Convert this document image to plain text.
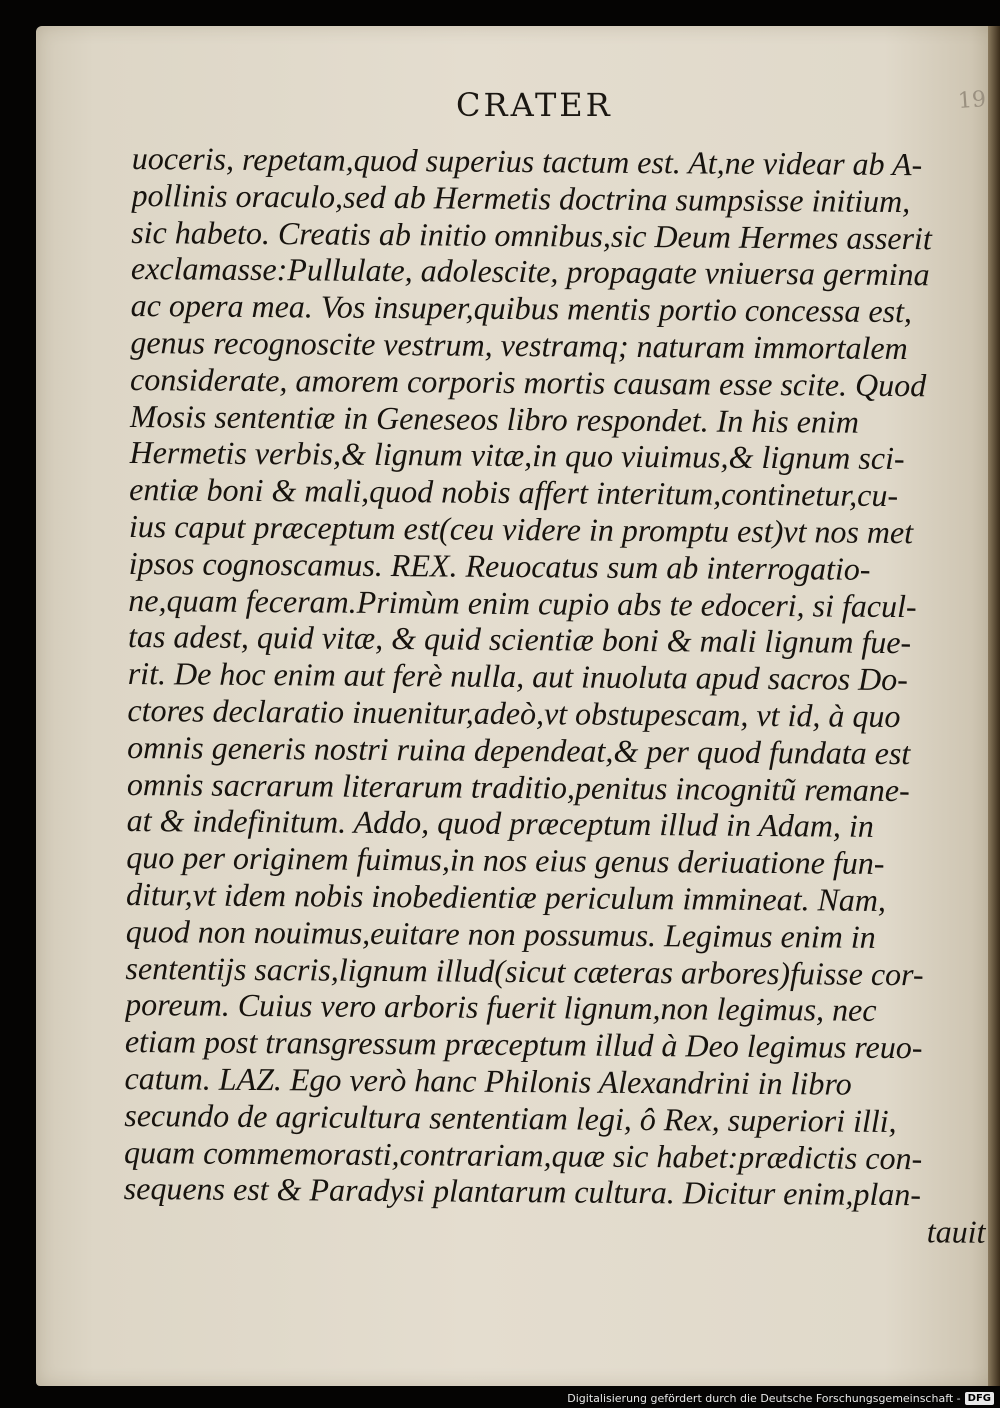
19
CRATER
uoceris, repetam,quod superius tactum est. At,ne videar ab A-
pollinis oraculo,sed ab Hermetis doctrina sumpsisse initium,
sic habeto. Creatis ab initio omnibus,sic Deum Hermes asserit
exclamasse:Pullulate, adolescite, propagate vniuersa germina
ac opera mea. Vos insuper,quibus mentis portio concessa est,
genus recognoscite vestrum, vestramq; naturam immortalem
considerate, amorem corporis mortis causam esse scite. Quod
Mosis sententiæ in Geneseos libro respondet. In his enim
Hermetis verbis,& lignum vitæ,in quo viuimus,& lignum sci-
entiæ boni & mali,quod nobis affert interitum,continetur,cu-
ius caput præceptum est(ceu videre in promptu est)vt nos met
ipsos cognoscamus. REX. Reuocatus sum ab interrogatio-
ne,quam feceram.Primùm enim cupio abs te edoceri, si facul-
tas adest, quid vitæ, & quid scientiæ boni & mali lignum fue-
rit. De hoc enim aut ferè nulla, aut inuoluta apud sacros Do-
ctores declaratio inuenitur,adeò,vt obstupescam, vt id, à quo
omnis generis nostri ruina dependeat,& per quod fundata est
omnis sacrarum literarum traditio,penitus incognitũ remane-
at & indefinitum. Addo, quod præceptum illud in Adam, in
quo per originem fuimus,in nos eius genus deriuatione fun-
ditur,vt idem nobis inobedientiæ periculum immineat. Nam,
quod non nouimus,euitare non possumus. Legimus enim in
sententijs sacris,lignum illud(sicut cæteras arbores)fuisse cor-
poreum. Cuius vero arboris fuerit lignum,non legimus, nec
etiam post transgressum præceptum illud à Deo legimus reuo-
catum. LAZ. Ego verò hanc Philonis Alexandrini in libro
secundo de agricultura sententiam legi, ô Rex, superiori illi,
quam commemorasti,contrariam,quæ sic habet:prædictis con-
sequens est & Paradysi plantarum cultura. Dicitur enim,plan-
tauit
Digitalisierung gefördert durch die Deutsche Forschungsgemeinschaft - DFG
